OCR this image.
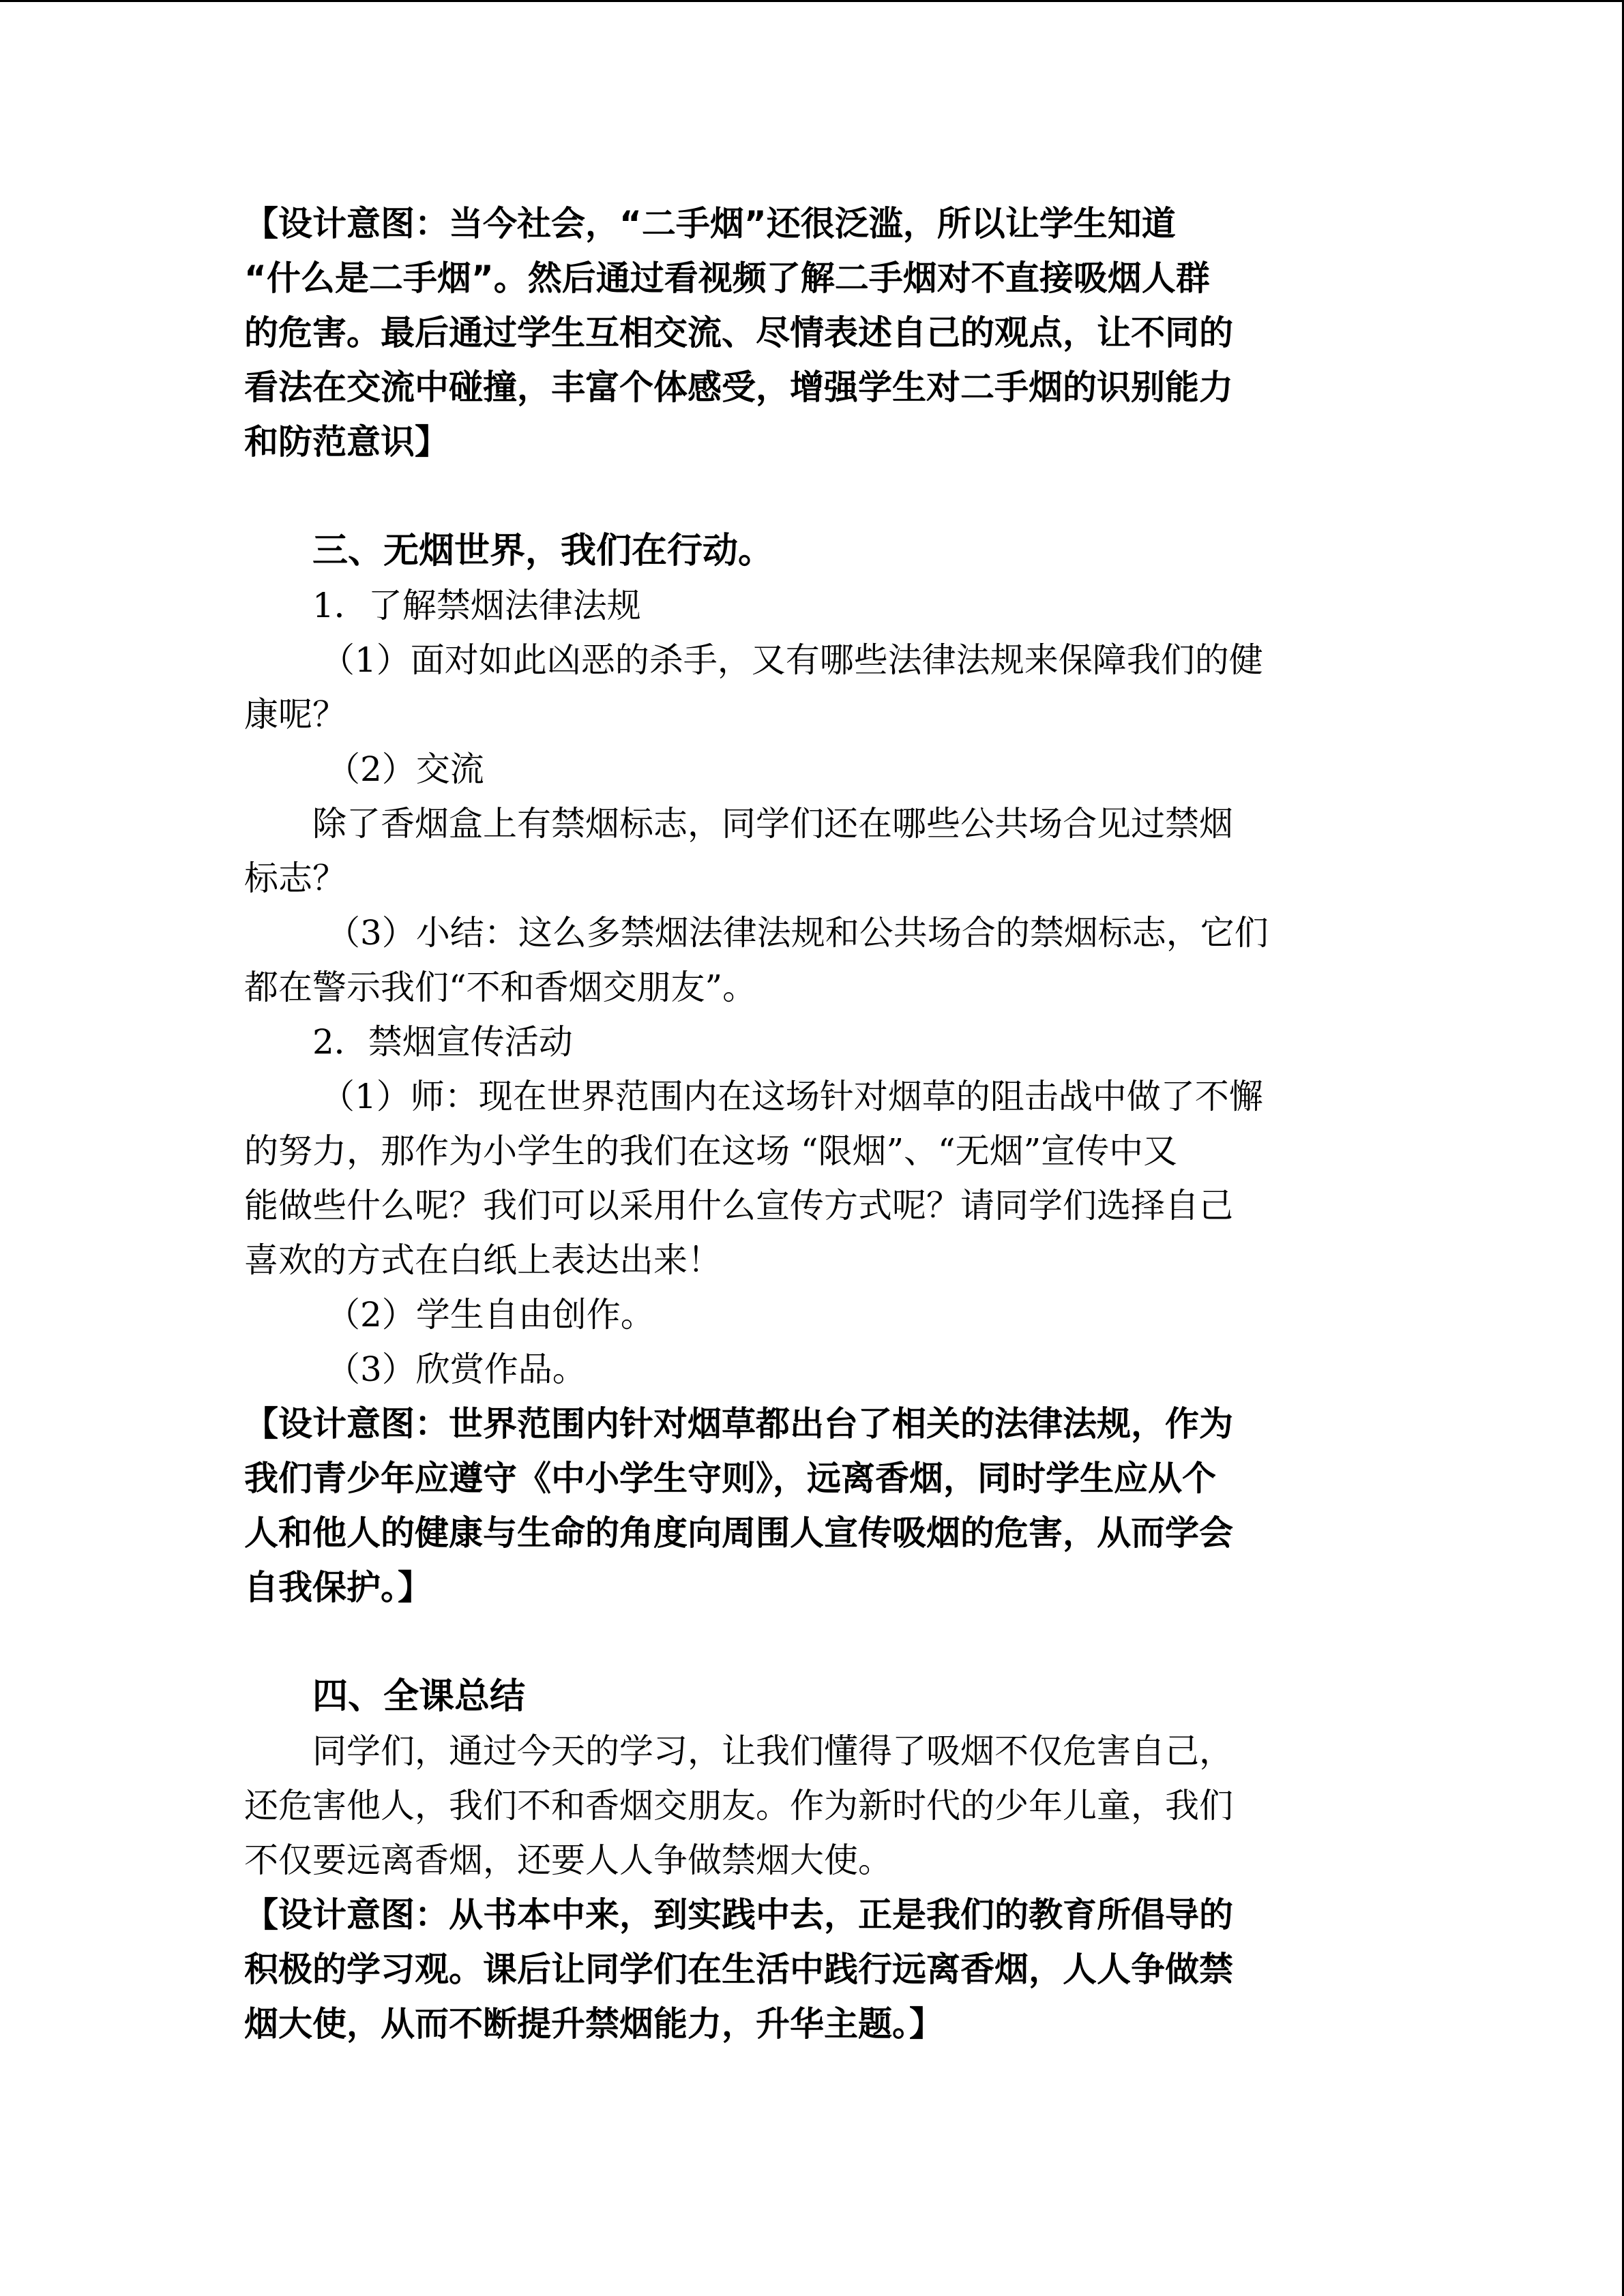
【设计意图：当今社会，“二手烟”还很泛滥，所以让学生知道

“什么是二手烟”。然后通过看视频了解二手烟对不直接吸烟人群

的危害。最后通过学生互相交流、尽情表述自己的观点，让不同的

看法在交流中碰撞，丰富个体感受，增强学生对二手烟的识别能力

和防范意识】

三、无烟世界，我们在行动。

1．了解禁烟法律法规

（1）面对如此凶恶的杀手，又有哪些法律法规来保障我们的健

康呢？

（2）交流

除了香烟盒上有禁烟标志，同学们还在哪些公共场合见过禁烟

标志？

（3）小结：这么多禁烟法律法规和公共场合的禁烟标志，它们

都在警示我们“不和香烟交朋友”。

2．禁烟宣传活动

（1）师：现在世界范围内在这场针对烟草的阻击战中做了不懈

的努力，那作为小学生的我们在这场 “限烟”、“无烟”宣传中又

能做些什么呢？我们可以采用什么宣传方式呢？请同学们选择自己

喜欢的方式在白纸上表达出来！

（2）学生自由创作。

（3）欣赏作品。

【设计意图：世界范围内针对烟草都出台了相关的法律法规，作为

我们青少年应遵守《中小学生守则》，远离香烟，同时学生应从个

人和他人的健康与生命的角度向周围人宣传吸烟的危害，从而学会

自我保护。】

四、全课总结

同学们，通过今天的学习，让我们懂得了吸烟不仅危害自己，

还危害他人，我们不和香烟交朋友。作为新时代的少年儿童，我们

不仅要远离香烟，还要人人争做禁烟大使。

【设计意图：从书本中来，到实践中去，正是我们的教育所倡导的

积极的学习观。课后让同学们在生活中践行远离香烟，人人争做禁

烟大使，从而不断提升禁烟能力，升华主题。】
